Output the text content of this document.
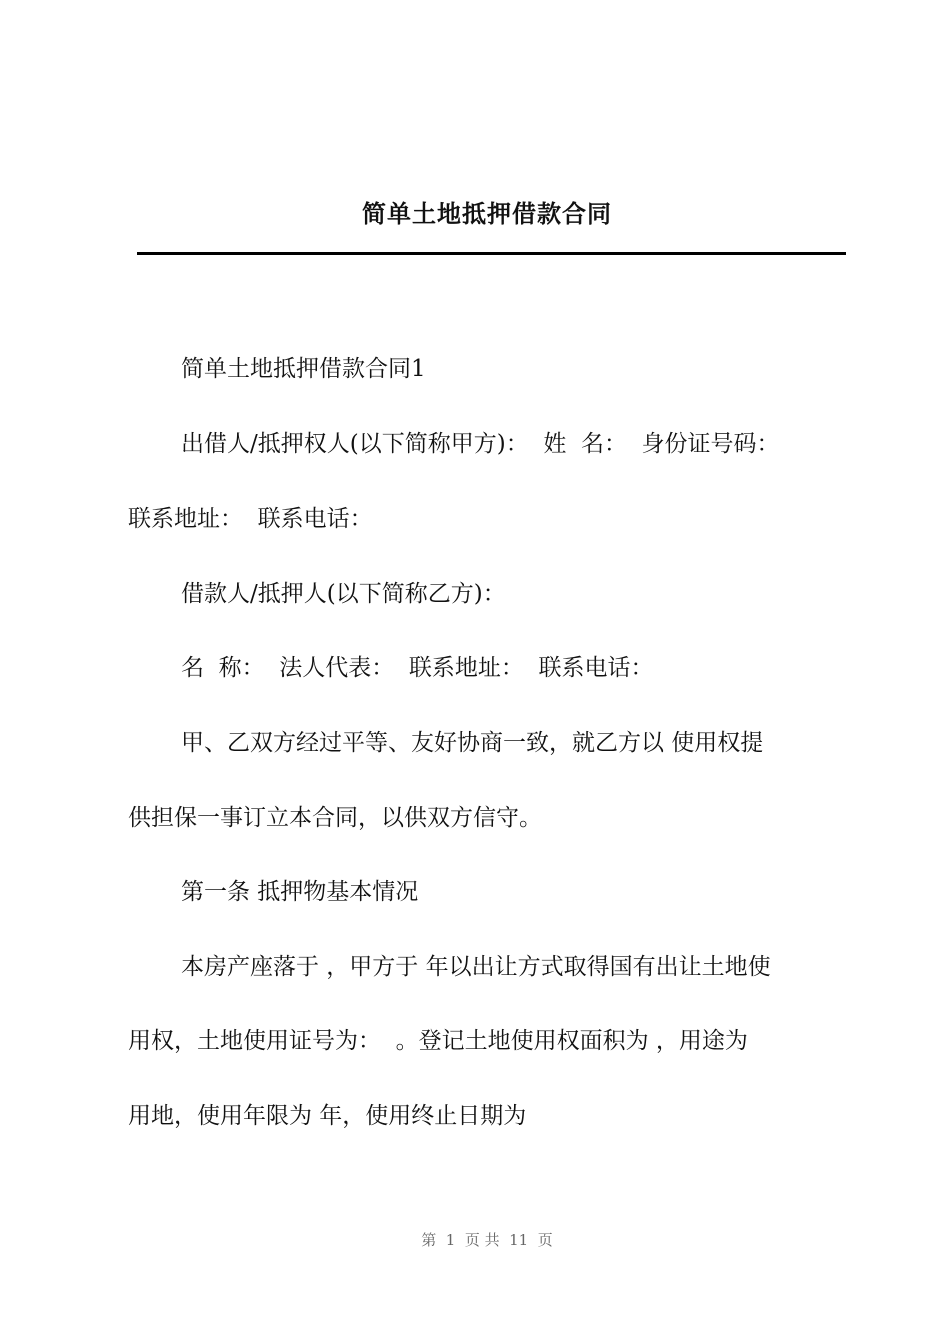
简单土地抵押借款合同

简单土地抵押借款合同1

出借人/抵押权人(以下简称甲方)：  姓  名：  身份证号码：

联系地址：  联系电话：

借款人/抵押人(以下简称乙方)：

名  称：  法人代表：  联系地址：  联系电话：

甲、乙双方经过平等、友好协商一致，就乙方以 使用权提

供担保一事订立本合同，以供双方信守。

第一条 抵押物基本情况

本房产座落于 ，甲方于 年以出让方式取得国有出让土地使

用权，土地使用证号为：  。登记土地使用权面积为 ，用途为

用地，使用年限为 年，使用终止日期为

第  1  页 共  11  页
